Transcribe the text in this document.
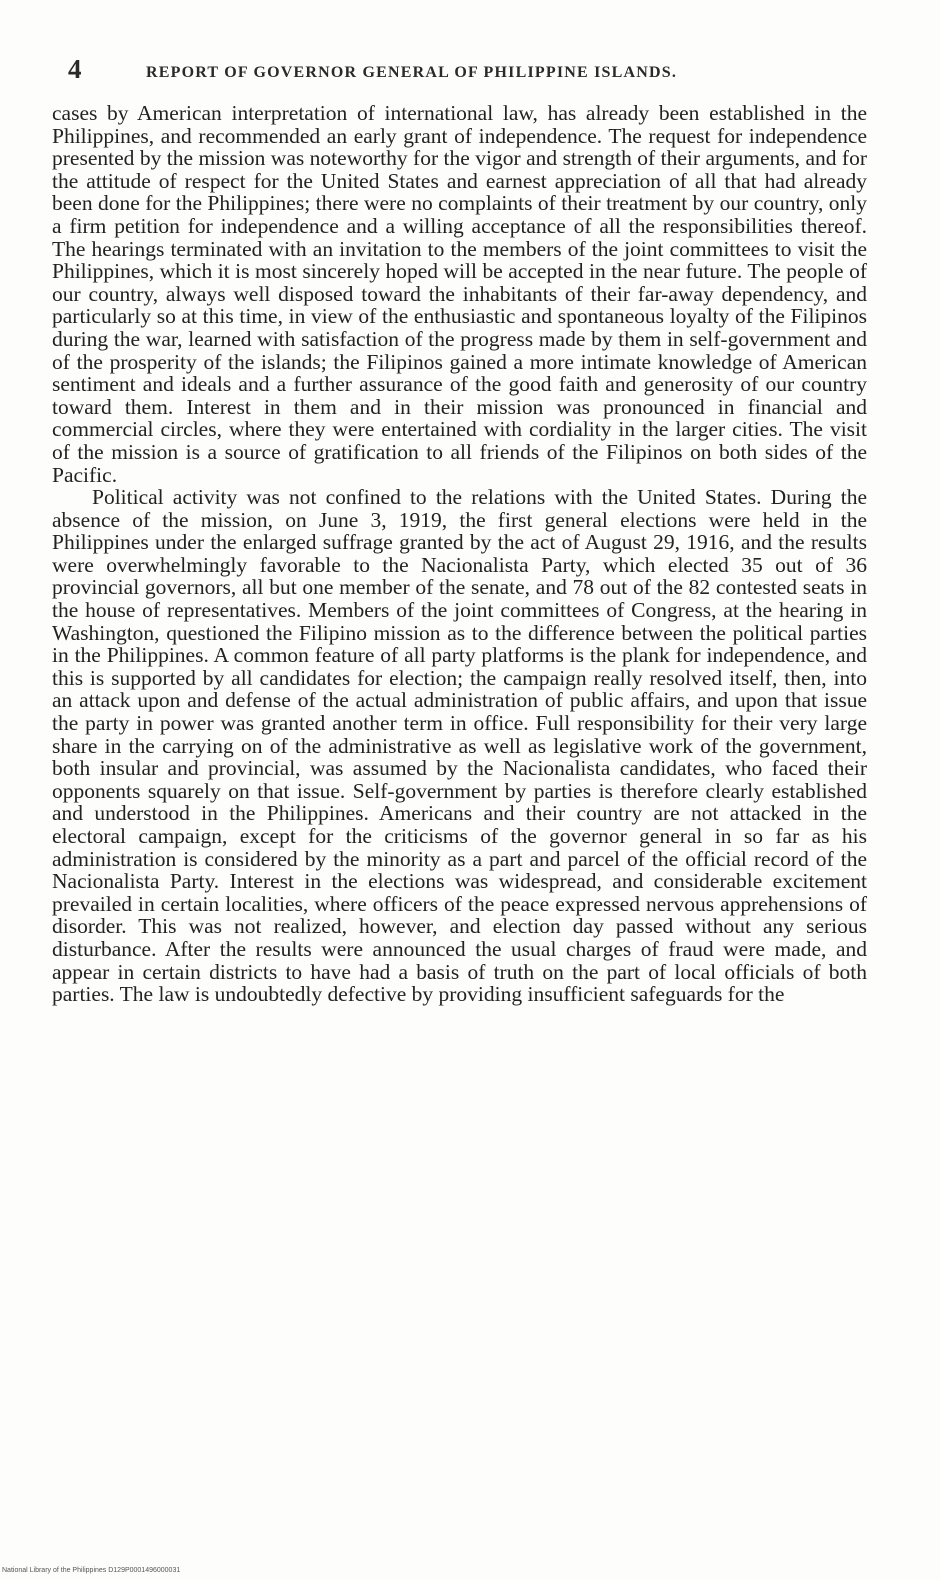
4	REPORT OF GOVERNOR GENERAL OF PHILIPPINE ISLANDS.

cases by American interpretation of international law, has already been established in the Philippines, and recommended an early grant of independence. The request for independence presented by the mission was noteworthy for the vigor and strength of their arguments, and for the attitude of respect for the United States and earnest appreciation of all that had already been done for the Philippines; there were no complaints of their treatment by our country, only a firm petition for independence and a willing acceptance of all the responsibilities thereof. The hearings terminated with an invitation to the members of the joint committees to visit the Philippines, which it is most sincerely hoped will be accepted in the near future. The people of our country, always well disposed toward the inhabitants of their far-away dependency, and particularly so at this time, in view of the enthusiastic and spontaneous loyalty of the Filipinos during the war, learned with satisfaction of the progress made by them in self-government and of the prosperity of the islands; the Filipinos gained a more intimate knowledge of American sentiment and ideals and a further assurance of the good faith and generosity of our country toward them. Interest in them and in their mission was pronounced in financial and commercial circles, where they were entertained with cordiality in the larger cities. The visit of the mission is a source of gratification to all friends of the Filipinos on both sides of the Pacific.

Political activity was not confined to the relations with the United States. During the absence of the mission, on June 3, 1919, the first general elections were held in the Philippines under the enlarged suffrage granted by the act of August 29, 1916, and the results were overwhelmingly favorable to the Nacionalista Party, which elected 35 out of 36 provincial governors, all but one member of the senate, and 78 out of the 82 contested seats in the house of representatives. Members of the joint committees of Congress, at the hearing in Washington, questioned the Filipino mission as to the difference between the political parties in the Philippines. A common feature of all party platforms is the plank for independence, and this is supported by all candidates for election; the campaign really resolved itself, then, into an attack upon and defense of the actual administration of public affairs, and upon that issue the party in power was granted another term in office. Full responsibility for their very large share in the carrying on of the administrative as well as legislative work of the government, both insular and provincial, was assumed by the Nacionalista candidates, who faced their opponents squarely on that issue. Self-government by parties is therefore clearly established and understood in the Philippines. Americans and their country are not attacked in the electoral campaign, except for the criticisms of the governor general in so far as his administration is considered by the minority as a part and parcel of the official record of the Nacionalista Party. Interest in the elections was widespread, and considerable excitement prevailed in certain localities, where officers of the peace expressed nervous apprehensions of disorder. This was not realized, however, and election day passed without any serious disturbance. After the results were announced the usual charges of fraud were made, and appear in certain districts to have had a basis of truth on the part of local officials of both parties. The law is undoubtedly defective by providing insufficient safeguards for the

National Library of the Philippines D129P0001496000031
